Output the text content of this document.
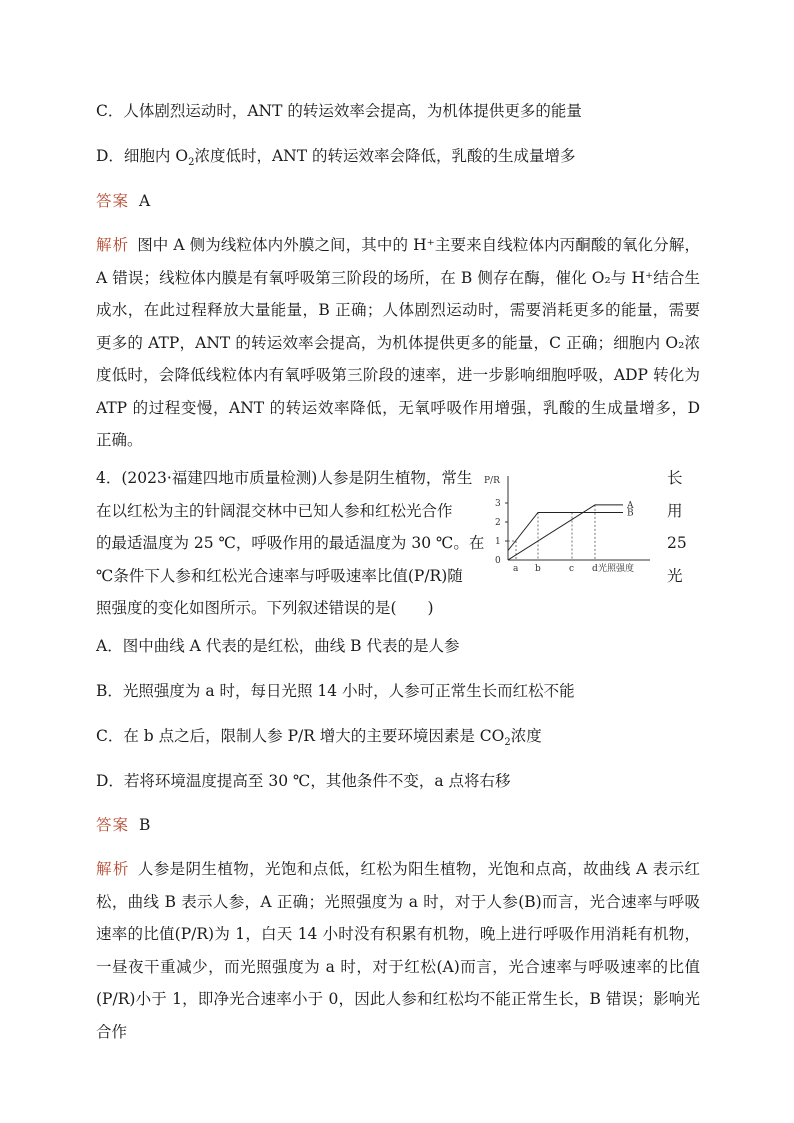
C．人体剧烈运动时，ANT 的转运效率会提高，为机体提供更多的能量
D．细胞内 $O_2$浓度低时，ANT 的转运效率会降低，乳酸的生成量增多
答案 A
解析 图中 A 侧为线粒体内外膜之间，其中的 H⁺主要来自线粒体内丙酮酸的氧化分解，A 错误；线粒体内膜是有氧呼吸第三阶段的场所，在 B 侧存在酶，催化 O₂与 H⁺结合生成水，在此过程释放大量能量，B 正确；人体剧烈运动时，需要消耗更多的能量，需要更多的 ATP，ANT 的转运效率会提高，为机体提供更多的能量，C 正确；细胞内 O₂浓度低时，会降低线粒体内有氧呼吸第三阶段的速率，进一步影响细胞呼吸，ADP 转化为 ATP 的过程变慢，ANT 的转运效率降低，无氧呼吸作用增强，乳酸的生成量增多，D 正确。
4．(2023·福建四地市质量检测)人参是阴生植物，常生
在以红松为主的针阔混交林中已知人参和红松光合作
的最适温度为 25 ℃，呼吸作用的最适温度为 30 ℃。在
℃条件下人参和红松光合速率与呼吸速率比值(P/R)随
照强度的变化如图所示。下列叙述错误的是(　　)
长
用
25
光
P/R
光照强度
0
1
2
3
a b	c d
A
B
A．图中曲线 A 代表的是红松，曲线 B 代表的是人参
B．光照强度为 a 时，每日光照 14 小时，人参可正常生长而红松不能
C．在 b 点之后，限制人参 P/R 增大的主要环境因素是 $CO_2$浓度
D．若将环境温度提高至 30 ℃，其他条件不变，a 点将右移
答案 B
解析 人参是阴生植物，光饱和点低，红松为阳生植物，光饱和点高，故曲线 A 表示红松，曲线 B 表示人参，A 正确；光照强度为 a 时，对于人参(B)而言，光合速率与呼吸速率的比值(P/R)为 1，白天 14 小时没有积累有机物，晚上进行呼吸作用消耗有机物，一昼夜干重减少，而光照强度为 a 时，对于红松(A)而言，光合速率与呼吸速率的比值(P/R)小于 1，即净光合速率小于 0，因此人参和红松均不能正常生长，B 错误；影响光合作
